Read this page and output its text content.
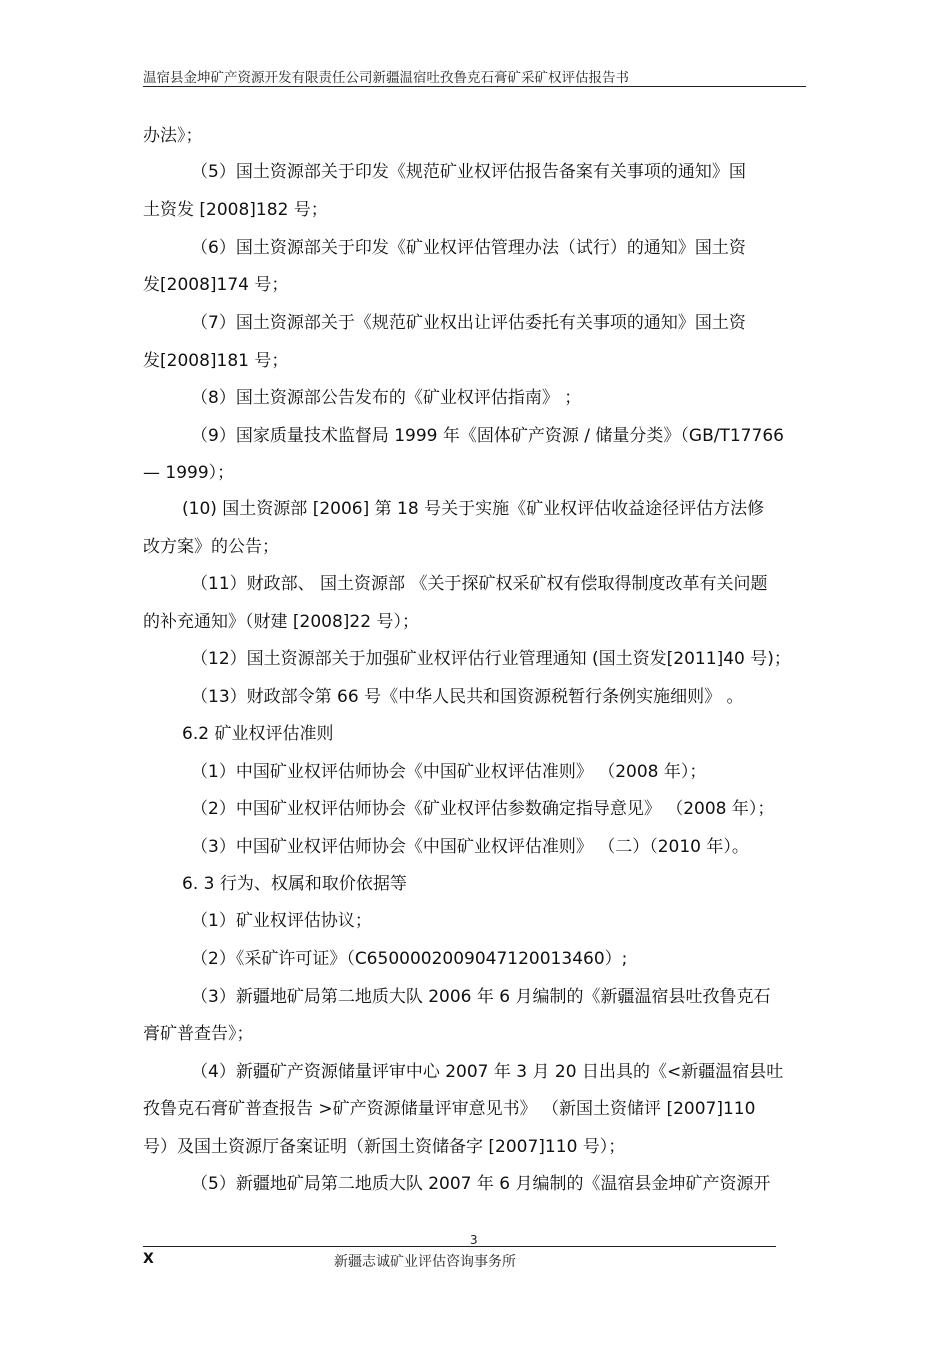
温宿县金坤矿产资源开发有限责任公司新疆温宿吐孜鲁克石膏矿采矿权评估报告书
办法》；
（5）国土资源部关于印发《规范矿业权评估报告备案有关事项的通知》国
土资发 [2008]182 号；
（6）国土资源部关于印发《矿业权评估管理办法（试行）的通知》国土资
发[2008]174 号；
（7）国土资源部关于《规范矿业权出让评估委托有关事项的通知》国土资
发[2008]181 号；
（8）国土资源部公告发布的《矿业权评估指南》 ；
（9）国家质量技术监督局 1999 年《固体矿产资源 / 储量分类》（GB/T17766
— 1999）；
(10) 国土资源部 [2006] 第 18 号关于实施《矿业权评估收益途径评估方法修
改方案》的公告；
（11）财政部、 国土资源部 《关于探矿权采矿权有偿取得制度改革有关问题
的补充通知》（财建 [2008]22 号）；
（12）国土资源部关于加强矿业权评估行业管理通知 (国土资发[2011]40 号)；
（13）财政部令第 66 号《中华人民共和国资源税暂行条例实施细则》 。
6.2 矿业权评估准则
（1）中国矿业权评估师协会《中国矿业权评估准则》 （2008 年）；
（2）中国矿业权评估师协会《矿业权评估参数确定指导意见》 （2008 年）；
（3）中国矿业权评估师协会《中国矿业权评估准则》 （二）（2010 年）。
6. 3 行为、权属和取价依据等
（1）矿业权评估协议；
（2）《采矿许可证》（C6500002009047120013460）;
（3）新疆地矿局第二地质大队 2006 年 6 月编制的《新疆温宿县吐孜鲁克石
膏矿普查告》；
（4）新疆矿产资源储量评审中心 2007 年 3 月 20 日出具的《<新疆温宿县吐
孜鲁克石膏矿普查报告 >矿产资源储量评审意见书》 （新国土资储评 [2007]110
号）及国土资源厅备案证明（新国土资储备字 [2007]110 号）；
（5）新疆地矿局第二地质大队 2007 年 6 月编制的《温宿县金坤矿产资源开
3
X	新疆志诚矿业评估咨询事务所
